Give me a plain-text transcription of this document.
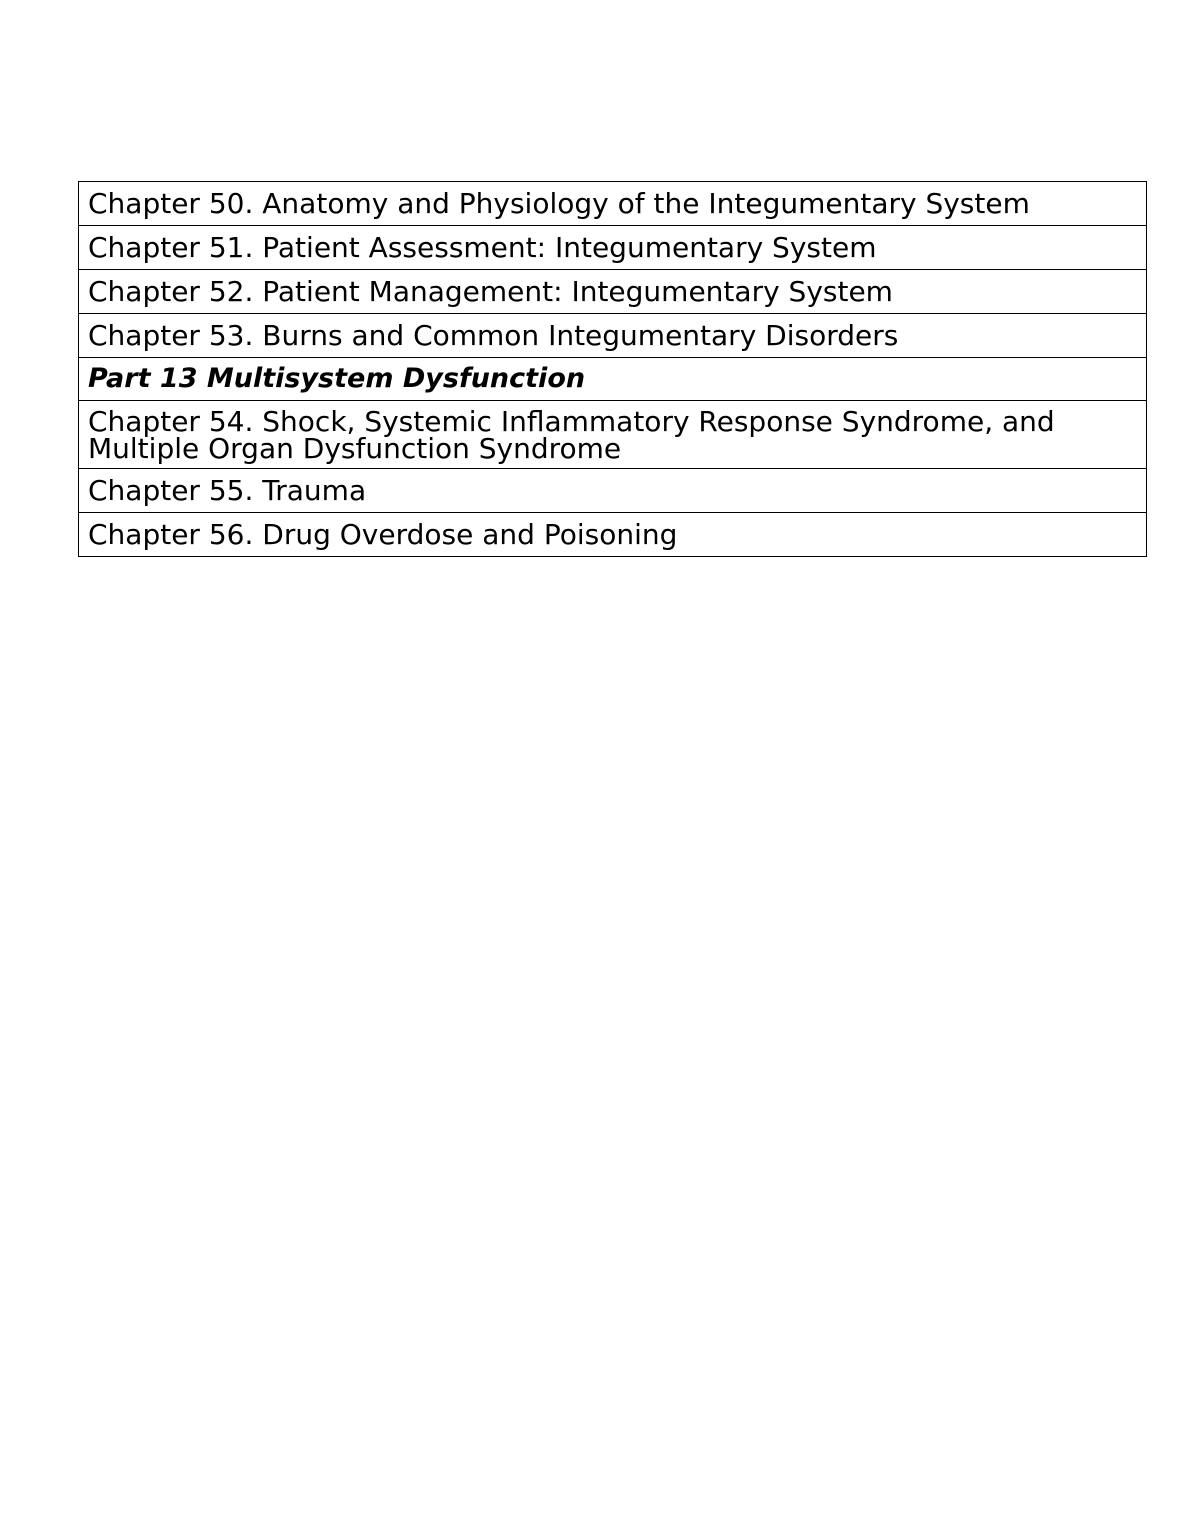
Chapter 50. Anatomy and Physiology of the Integumentary System
Chapter 51. Patient Assessment: Integumentary System
Chapter 52. Patient Management: Integumentary System
Chapter 53. Burns and Common Integumentary Disorders
Part 13 Multisystem Dysfunction
Chapter 54. Shock, Systemic Inflammatory Response Syndrome, and Multiple Organ Dysfunction Syndrome
Chapter 55. Trauma
Chapter 56. Drug Overdose and Poisoning
